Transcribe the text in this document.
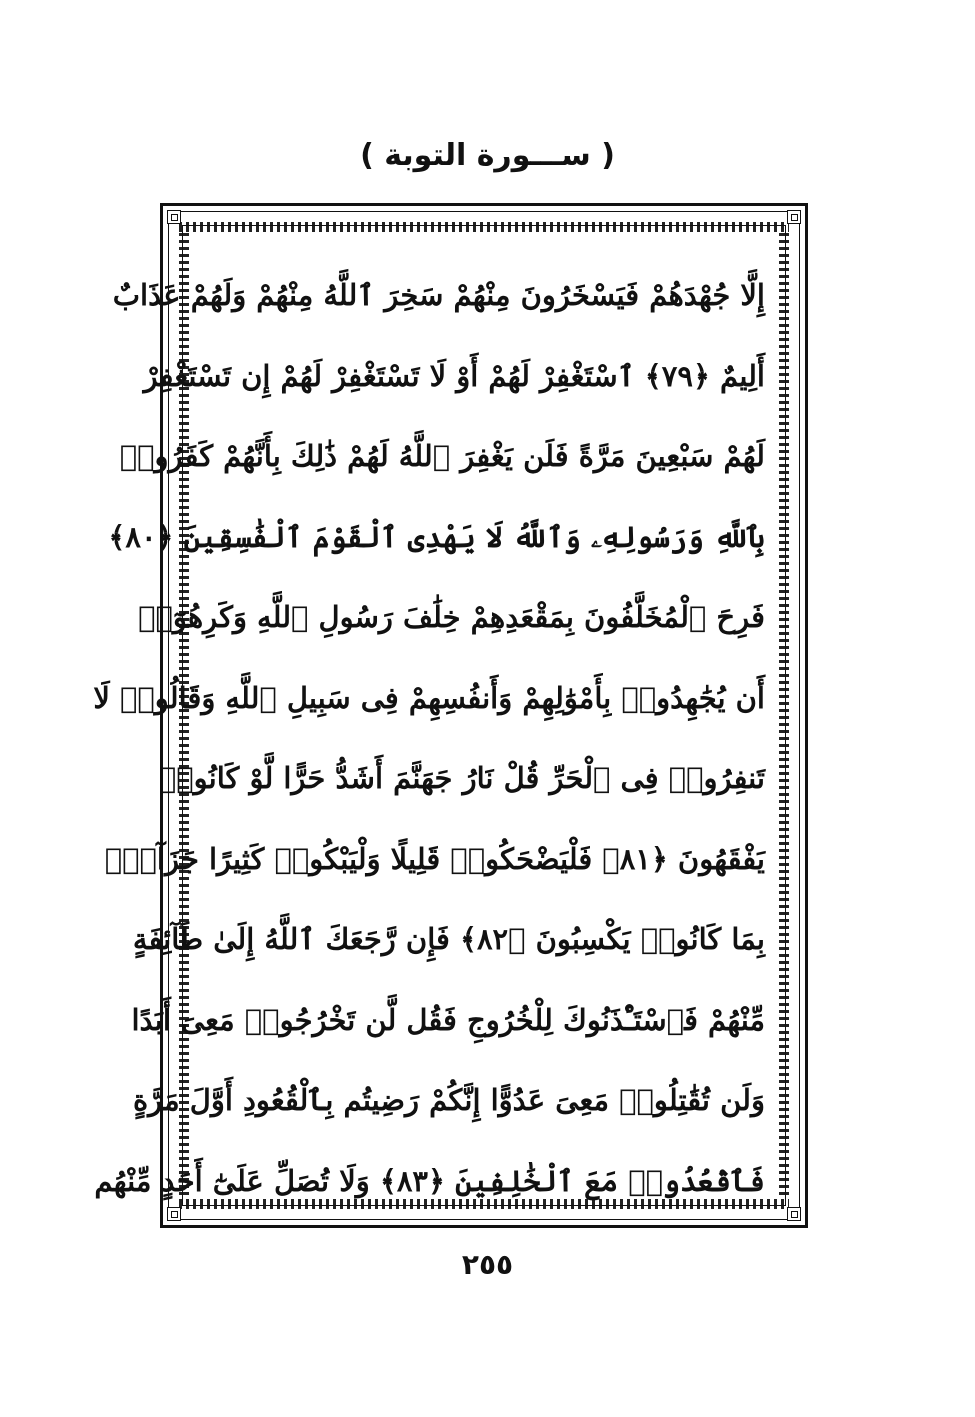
( ســـورة التوبة )
إِلَّا جُهْدَهُمْ فَيَسْخَرُونَ مِنْهُمْ سَخِرَ ٱللَّهُ مِنْهُمْ وَلَهُمْ عَذَابٌ
أَلِيمٌ ﴿٧٩﴾ ٱسْتَغْفِرْ لَهُمْ أَوْ لَا تَسْتَغْفِرْ لَهُمْ إِن تَسْتَغْفِرْ
لَهُمْ سَبْعِينَ مَرَّةً فَلَن يَغْفِرَ ٱللَّهُ لَهُمْ ذَٰلِكَ بِأَنَّهُمْ كَفَرُوا۟
بِٱللَّهِ وَرَسُولِهِۦ وَٱللَّهُ لَا يَهْدِى ٱلْقَوْمَ ٱلْفَٰسِقِينَ ﴿٨٠﴾
فَرِحَ ٱلْمُخَلَّفُونَ بِمَقْعَدِهِمْ خِلَٰفَ رَسُولِ ٱللَّهِ وَكَرِهُوٓا۟
أَن يُجَٰهِدُوا۟ بِأَمْوَٰلِهِمْ وَأَنفُسِهِمْ فِى سَبِيلِ ٱللَّهِ وَقَالُوا۟ لَا
تَنفِرُوا۟ فِى ٱلْحَرِّ قُلْ نَارُ جَهَنَّمَ أَشَدُّ حَرًّا لَّوْ كَانُوا۟
يَفْقَهُونَ ﴿٨١﴾ فَلْيَضْحَكُوا۟ قَلِيلًا وَلْيَبْكُوا۟ كَثِيرًا جَزَآءًۢ
بِمَا كَانُوا۟ يَكْسِبُونَ ﴿٨٢﴾ فَإِن رَّجَعَكَ ٱللَّهُ إِلَىٰ طَآئِفَةٍ
مِّنْهُمْ فَٱسْتَـْٔذَنُوكَ لِلْخُرُوجِ فَقُل لَّن تَخْرُجُوا۟ مَعِىَ أَبَدًا
وَلَن تُقَٰتِلُوا۟ مَعِىَ عَدُوًّا إِنَّكُمْ رَضِيتُم بِٱلْقُعُودِ أَوَّلَ مَرَّةٍ
فَٱقْعُدُوا۟ مَعَ ٱلْخَٰلِفِينَ ﴿٨٣﴾ وَلَا تُصَلِّ عَلَىٰٓ أَحَدٍ مِّنْهُم
٢٥٥
